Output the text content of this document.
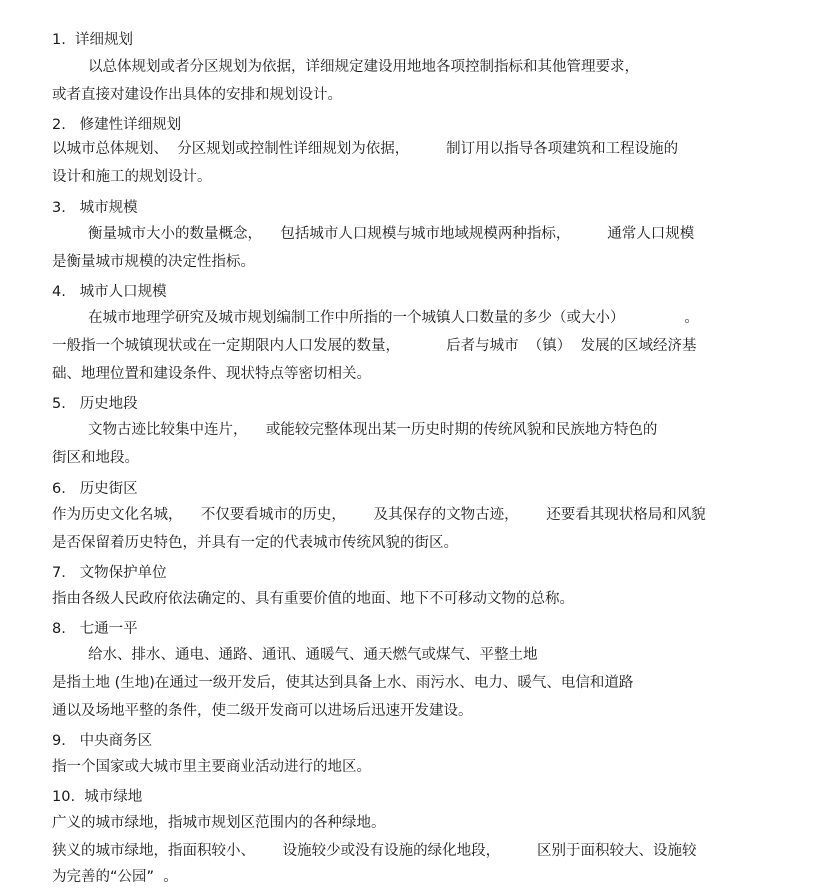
1.  详细规划
以总体规划或者分区规划为依据，详细规定建设用地地各项控制指标和其他管理要求，
或者直接对建设作出具体的安排和规划设计。
2.   修建性详细规划
以城市总体规划、  分区规划或控制性详细规划为依据，        制订用以指导各项建筑和工程设施的
设计和施工的规划设计。
3.   城市规模
衡量城市大小的数量概念，    包括城市人口规模与城市地域规模两种指标，        通常人口规模
是衡量城市规模的决定性指标。
4.   城市人口规模
在城市地理学研究及城市规划编制工作中所指的一个城镇人口数量的多少（或大小）             。
一般指一个城镇现状或在一定期限内人口发展的数量，          后者与城市  （镇）  发展的区域经济基
础、地理位置和建设条件、现状特点等密切相关。
5.   历史地段
文物古迹比较集中连片，    或能较完整体现出某一历史时期的传统风貌和民族地方特色的
街区和地段。
6.   历史街区
作为历史文化名城，    不仅要看城市的历史，      及其保存的文物古迹，      还要看其现状格局和风貌
是否保留着历史特色，并具有一定的代表城市传统风貌的街区。
7.   文物保护单位
指由各级人民政府依法确定的、具有重要价值的地面、地下不可移动文物的总称。
8.   七通一平
给水、排水、通电、通路、通讯、通暖气、通天燃气或煤气、平整土地
是指土地 (生地)在通过一级开发后，使其达到具备上水、雨污水、电力、暖气、电信和道路
通以及场地平整的条件，使二级开发商可以进场后迅速开发建设。
9.   中央商务区
指一个国家或大城市里主要商业活动进行的地区。
10.  城市绿地
广义的城市绿地，指城市规划区范围内的各种绿地。
狭义的城市绿地，指面积较小、      设施较少或没有设施的绿化地段，        区别于面积较大、设施较
为完善的“公园”  。
